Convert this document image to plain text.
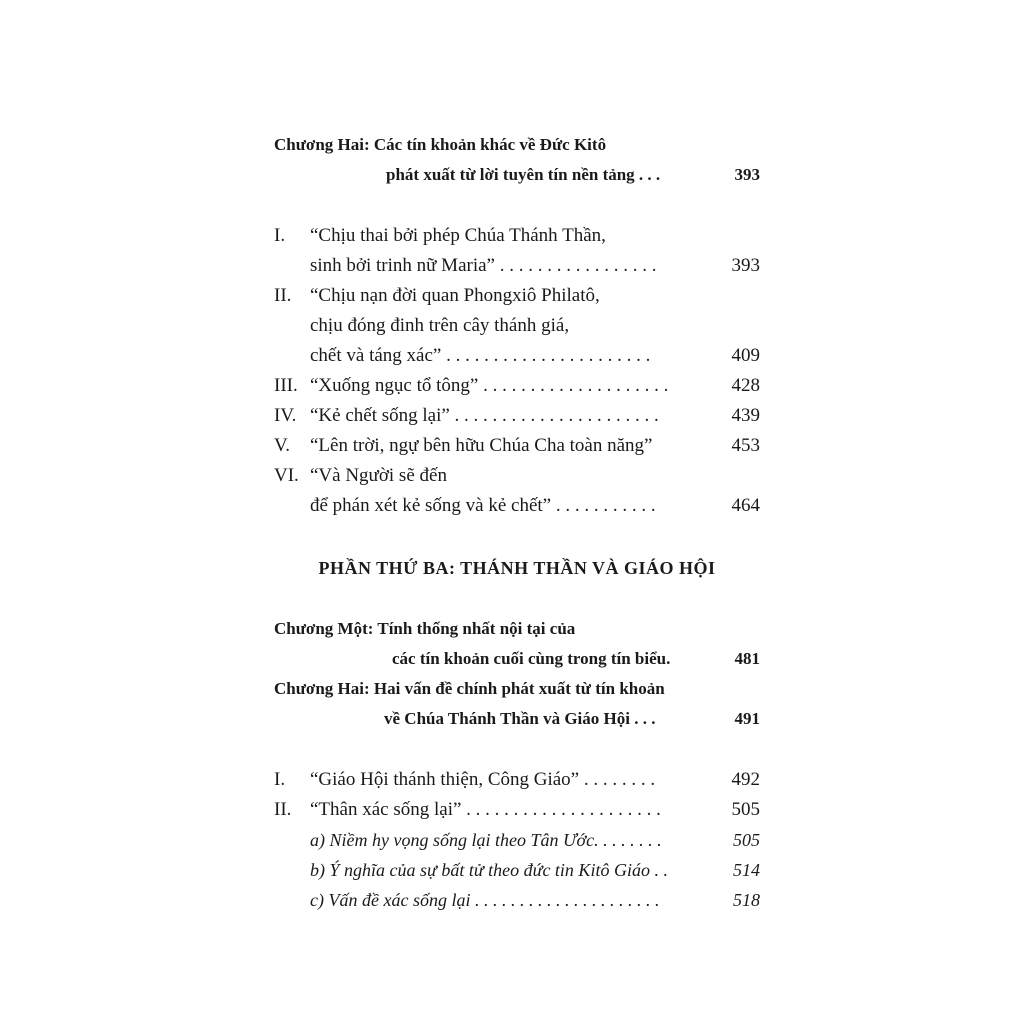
Chương Hai: Các tín khoản khác về Đức Kitô
phát xuất từ lời tuyên tín nền tảng . . .	393
I. “Chịu thai bởi phép Chúa Thánh Thần,
sinh bởi trinh nữ Maria” . . . . . . . . . . . . . . . . .	393
II. “Chịu nạn đời quan Phongxiô Philatô,
chịu đóng đinh trên cây thánh giá,
chết và táng xác” . . . . . . . . . . . . . . . . . . . . . .	409
III. “Xuống ngục tổ tông” . . . . . . . . . . . . . . . . . . . .	428
IV. “Kẻ chết sống lại” . . . . . . . . . . . . . . . . . . . . . .	439
V. “Lên trời, ngự bên hữu Chúa Cha toàn năng”	453
VI. “Và Người sẽ đến
để phán xét kẻ sống và kẻ chết” . . . . . . . . . . .	464
PHẦN THỨ BA: THÁNH THẦN VÀ GIÁO HỘI
Chương Một: Tính thống nhất nội tại của
các tín khoản cuối cùng trong tín biểu.	481
Chương Hai: Hai vấn đề chính phát xuất từ tín khoản
về Chúa Thánh Thần và Giáo Hội . . .	491
I. “Giáo Hội thánh thiện, Công Giáo” . . . . . . . .	492
II. “Thân xác sống lại” . . . . . . . . . . . . . . . . . . . . .	505
a) Niềm hy vọng sống lại theo Tân Ước. . . . . . . .	505
b) Ý nghĩa của sự bất tử theo đức tin Kitô Giáo . .	514
c) Vấn đề xác sống lại . . . . . . . . . . . . . . . . . . . . .	518
